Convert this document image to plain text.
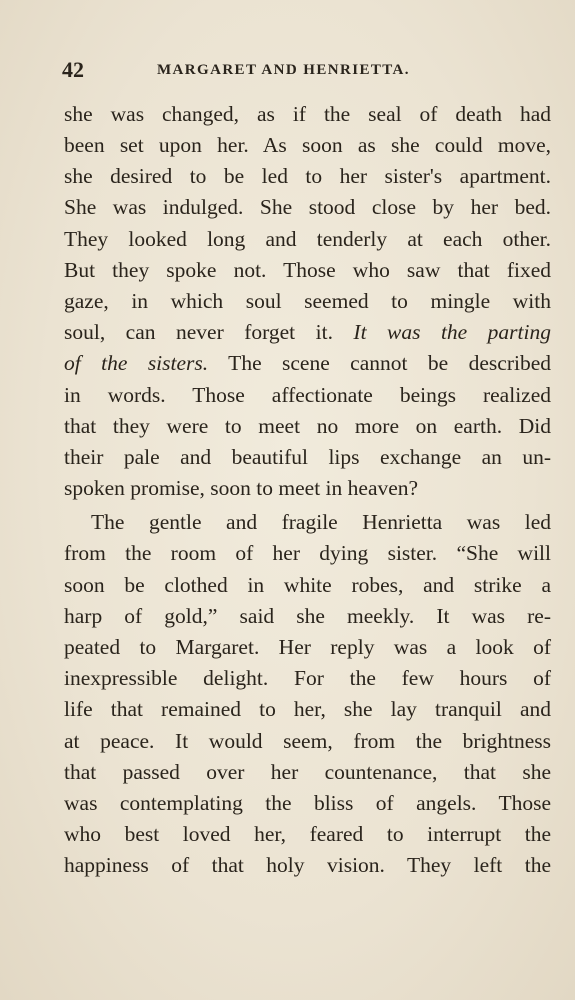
42	MARGARET AND HENRIETTA.
she was changed, as if the seal of death had
been set upon her. As soon as she could move,
she desired to be led to her sister's apartment.
She was indulged. She stood close by her bed.
They looked long and tenderly at each other.
But they spoke not. Those who saw that fixed
gaze, in which soul seemed to mingle with
soul, can never forget it. It was the parting
of the sisters. The scene cannot be described
in words. Those affectionate beings realized
that they were to meet no more on earth. Did
their pale and beautiful lips exchange an un-
spoken promise, soon to meet in heaven?
The gentle and fragile Henrietta was led
from the room of her dying sister. “She will
soon be clothed in white robes, and strike a
harp of gold,” said she meekly. It was re-
peated to Margaret. Her reply was a look of
inexpressible delight. For the few hours of
life that remained to her, she lay tranquil and
at peace. It would seem, from the brightness
that passed over her countenance, that she
was contemplating the bliss of angels. Those
who best loved her, feared to interrupt the
happiness of that holy vision. They left the
